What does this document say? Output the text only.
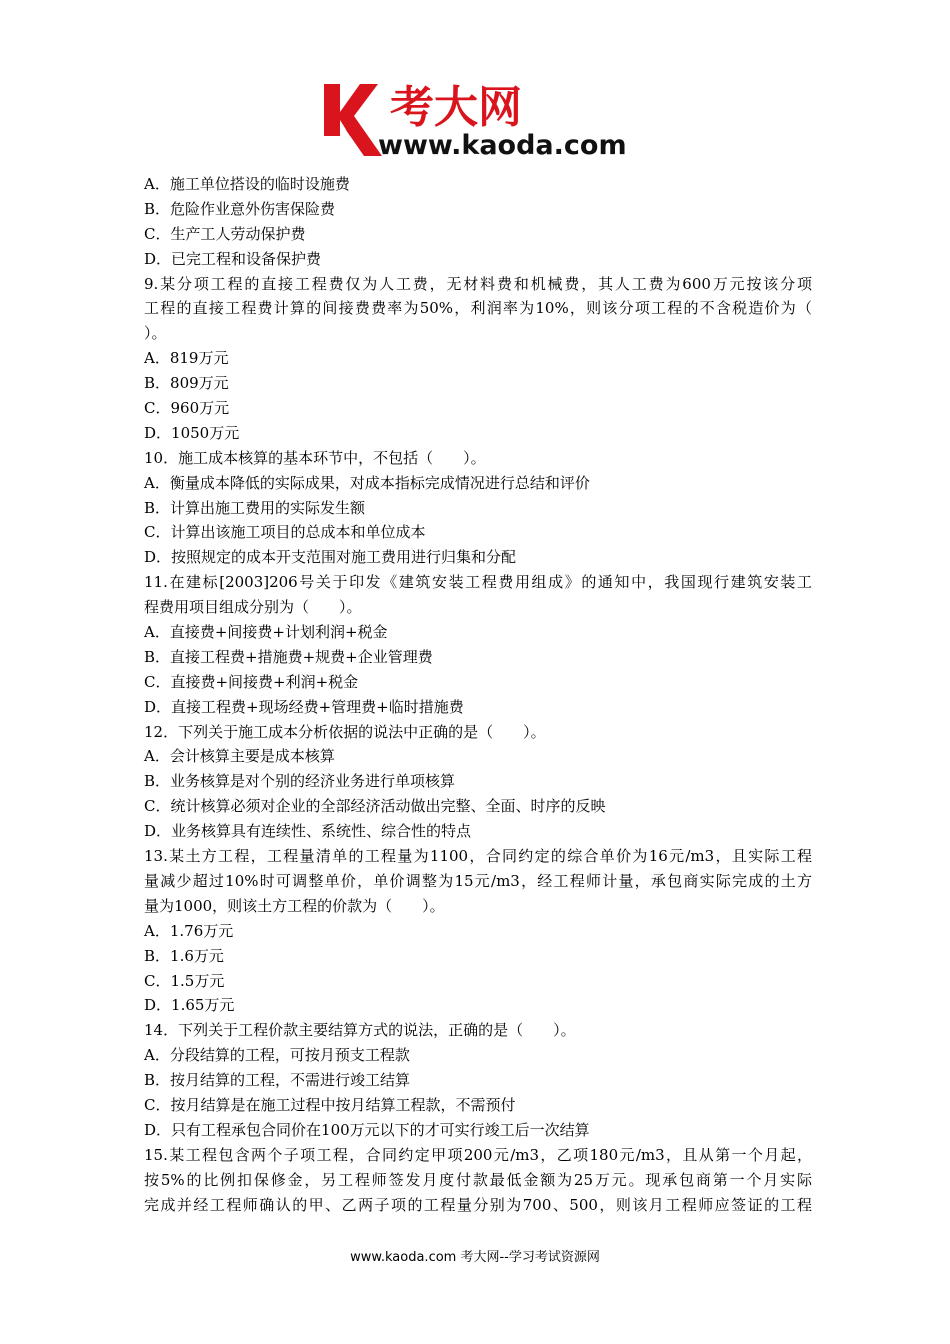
考大网
www.kaoda.com
A．施工单位搭设的临时设施费
B．危险作业意外伤害保险费
C．生产工人劳动保护费
D．已完工程和设备保护费
9.某分项工程的直接工程费仅为人工费，无材料费和机械费，其人工费为600万元按该分项
工程的直接工程费计算的间接费费率为50%，利润率为10%，则该分项工程的不含税造价为（
）。
A．819万元
B．809万元
C．960万元
D．1050万元
10．施工成本核算的基本环节中，不包括（　　）。
A．衡量成本降低的实际成果，对成本指标完成情况进行总结和评价
B．计算出施工费用的实际发生额
C．计算出该施工项目的总成本和单位成本
D．按照规定的成本开支范围对施工费用进行归集和分配
11.在建标[2003]206号关于印发《建筑安装工程费用组成》的通知中，我国现行建筑安装工
程费用项目组成分别为（　　）。
A．直接费+间接费+计划利润+税金
B．直接工程费+措施费+规费+企业管理费
C．直接费+间接费+利润+税金
D．直接工程费+现场经费+管理费+临时措施费
12．下列关于施工成本分析依据的说法中正确的是（　　）。
A．会计核算主要是成本核算
B．业务核算是对个别的经济业务进行单项核算
C．统计核算必须对企业的全部经济活动做出完整、全面、时序的反映
D．业务核算具有连续性、系统性、综合性的特点
13.某土方工程，工程量清单的工程量为1100，合同约定的综合单价为16元/m3，且实际工程
量减少超过10%时可调整单价，单价调整为15元/m3，经工程师计量，承包商实际完成的土方
量为1000，则该土方工程的价款为（　　）。
A．1.76万元
B．1.6万元
C．1.5万元
D．1.65万元
14．下列关于工程价款主要结算方式的说法，正确的是（　　）。
A．分段结算的工程，可按月预支工程款
B．按月结算的工程，不需进行竣工结算
C．按月结算是在施工过程中按月结算工程款，不需预付
D．只有工程承包合同价在100万元以下的才可实行竣工后一次结算
15.某工程包含两个子项工程，合同约定甲项200元/m3，乙项180元/m3，且从第一个月起，
按5%的比例扣保修金，另工程师签发月度付款最低金额为25万元。现承包商第一个月实际
完成并经工程师确认的甲、乙两子项的工程量分别为700、500，则该月工程师应签证的工程
www.kaoda.com 考大网--学习考试资源网
